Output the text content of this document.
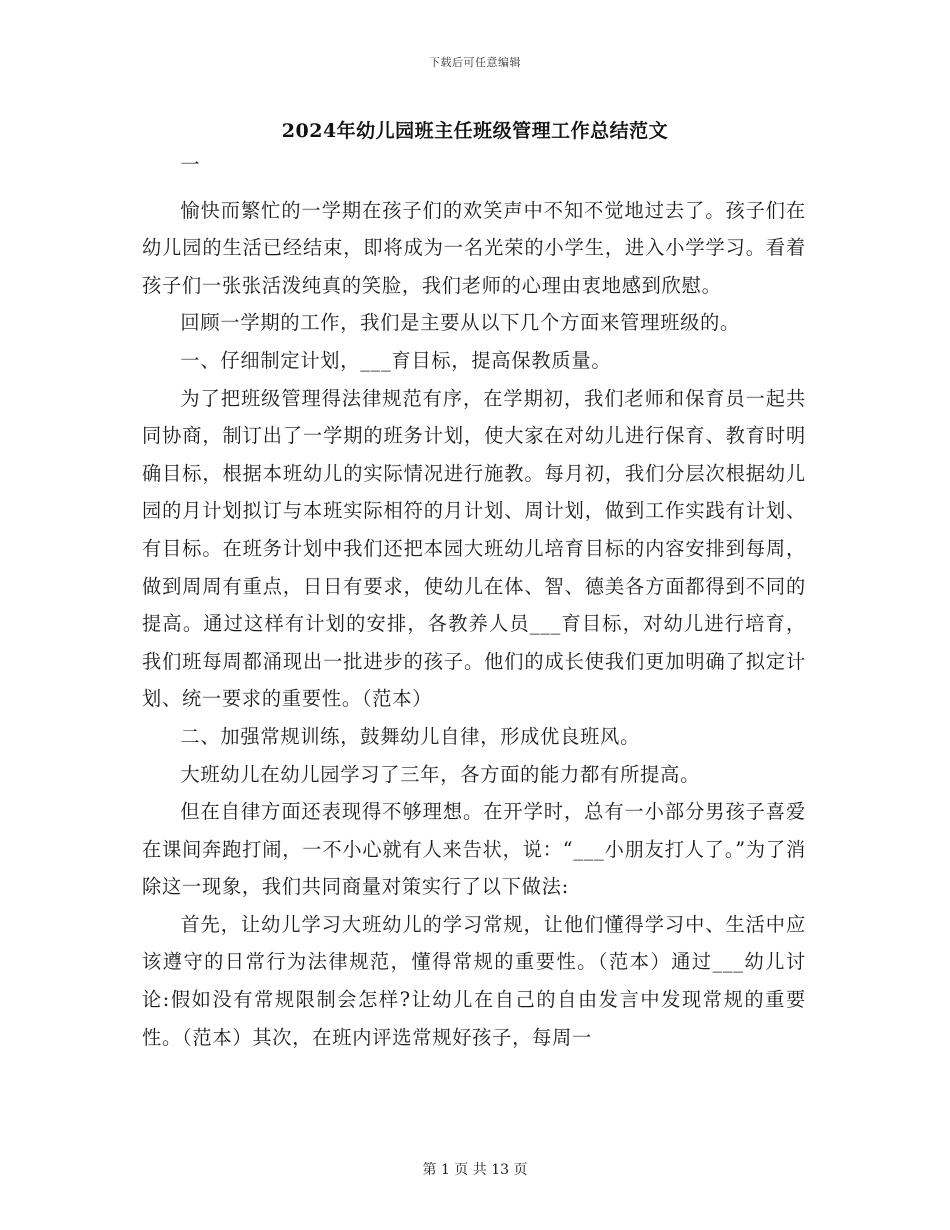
下载后可任意编辑
2024年幼儿园班主任班级管理工作总结范文

一

愉快而繁忙的一学期在孩子们的欢笑声中不知不觉地过去了。孩子们在幼儿园的生活已经结束，即将成为一名光荣的小学生，进入小学学习。看着孩子们一张张活泼纯真的笑脸，我们老师的心理由衷地感到欣慰。

回顾一学期的工作，我们是主要从以下几个方面来管理班级的。

一、仔细制定计划，___育目标，提高保教质量。

为了把班级管理得法律规范有序，在学期初，我们老师和保育员一起共同协商，制订出了一学期的班务计划，使大家在对幼儿进行保育、教育时明确目标，根据本班幼儿的实际情况进行施教。每月初，我们分层次根据幼儿园的月计划拟订与本班实际相符的月计划、周计划，做到工作实践有计划、有目标。在班务计划中我们还把本园大班幼儿培育目标的内容安排到每周，做到周周有重点，日日有要求，使幼儿在体、智、德美各方面都得到不同的提高。通过这样有计划的安排，各教养人员___育目标，对幼儿进行培育，我们班每周都涌现出一批进步的孩子。他们的成长使我们更加明确了拟定计划、统一要求的重要性。（范本）

二、加强常规训练，鼓舞幼儿自律，形成优良班风。

大班幼儿在幼儿园学习了三年，各方面的能力都有所提高。

但在自律方面还表现得不够理想。在开学时，总有一小部分男孩子喜爱在课间奔跑打闹，一不小心就有人来告状，说：“___小朋友打人了。”为了消除这一现象，我们共同商量对策实行了以下做法:

首先，让幼儿学习大班幼儿的学习常规，让他们懂得学习中、生活中应该遵守的日常行为法律规范，懂得常规的重要性。（范本）通过___幼儿讨论:假如没有常规限制会怎样?让幼儿在自己的自由发言中发现常规的重要性。（范本）其次，在班内评选常规好孩子，每周一

第 1 页 共 13 页
